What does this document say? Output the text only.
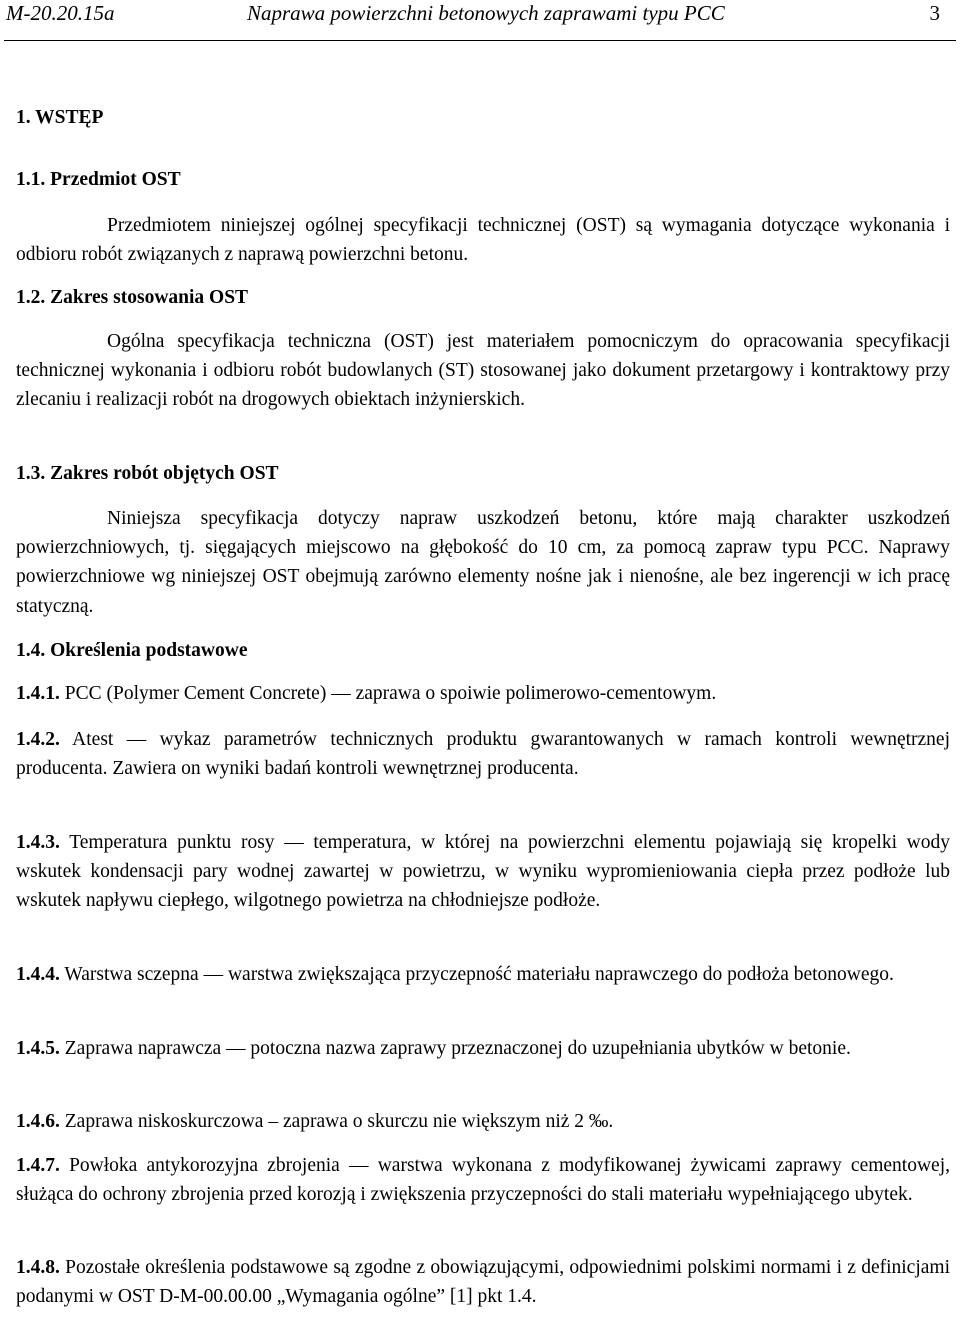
M-20.20.15a	Naprawa powierzchni betonowych zaprawami typu PCC	3
1. WSTĘP
1.1. Przedmiot OST

Przedmiotem niniejszej ogólnej specyfikacji technicznej (OST) są wymagania dotyczące wykonania i odbioru robót związanych z naprawą powierzchni betonu.

1.2. Zakres stosowania OST

Ogólna specyfikacja techniczna (OST) jest materiałem pomocniczym do opracowania specyfikacji technicznej wykonania i odbioru robót budowlanych (ST) stosowanej jako dokument przetargowy i kontraktowy przy zlecaniu i realizacji robót na drogowych obiektach inżynierskich.

1.3. Zakres robót objętych OST

Niniejsza specyfikacja dotyczy napraw uszkodzeń betonu, które mają charakter uszkodzeń powierzchniowych, tj. sięgających miejscowo na głębokość do 10 cm, za pomocą zapraw typu PCC. Naprawy powierzchniowe wg niniejszej OST obejmują zarówno elementy nośne jak i nienośne, ale bez ingerencji w ich pracę statyczną.

1.4. Określenia podstawowe
1.4.1. PCC (Polymer Cement Concrete) — zaprawa o spoiwie polimerowo-cementowym.

1.4.2. Atest — wykaz parametrów technicznych produktu gwarantowanych w ramach kontroli wewnętrznej producenta. Zawiera on wyniki badań kontroli wewnętrznej producenta.

1.4.3. Temperatura punktu rosy — temperatura, w której na powierzchni elementu pojawiają się kropelki wody wskutek kondensacji pary wodnej zawartej w powietrzu, w wyniku wypromieniowania ciepła przez podłoże lub wskutek napływu ciepłego, wilgotnego powietrza na chłodniejsze podłoże.

1.4.4. Warstwa sczepna — warstwa zwiększająca przyczepność materiału naprawczego do podłoża betonowego.

1.4.5. Zaprawa naprawcza — potoczna nazwa zaprawy przeznaczonej do uzupełniania ubytków w betonie.

1.4.6. Zaprawa niskoskurczowa – zaprawa o skurczu nie większym niż 2 ‰.

1.4.7. Powłoka antykorozyjna zbrojenia — warstwa wykonana z modyfikowanej żywicami zaprawy cementowej, służąca do ochrony zbrojenia przed korozją i zwiększenia przyczepności do stali materiału wypełniającego ubytek.

1.4.8. Pozostałe określenia podstawowe są zgodne z obowiązującymi, odpowiednimi polskimi normami i z definicjami podanymi w OST D-M-00.00.00 „Wymagania ogólne” [1] pkt 1.4.
